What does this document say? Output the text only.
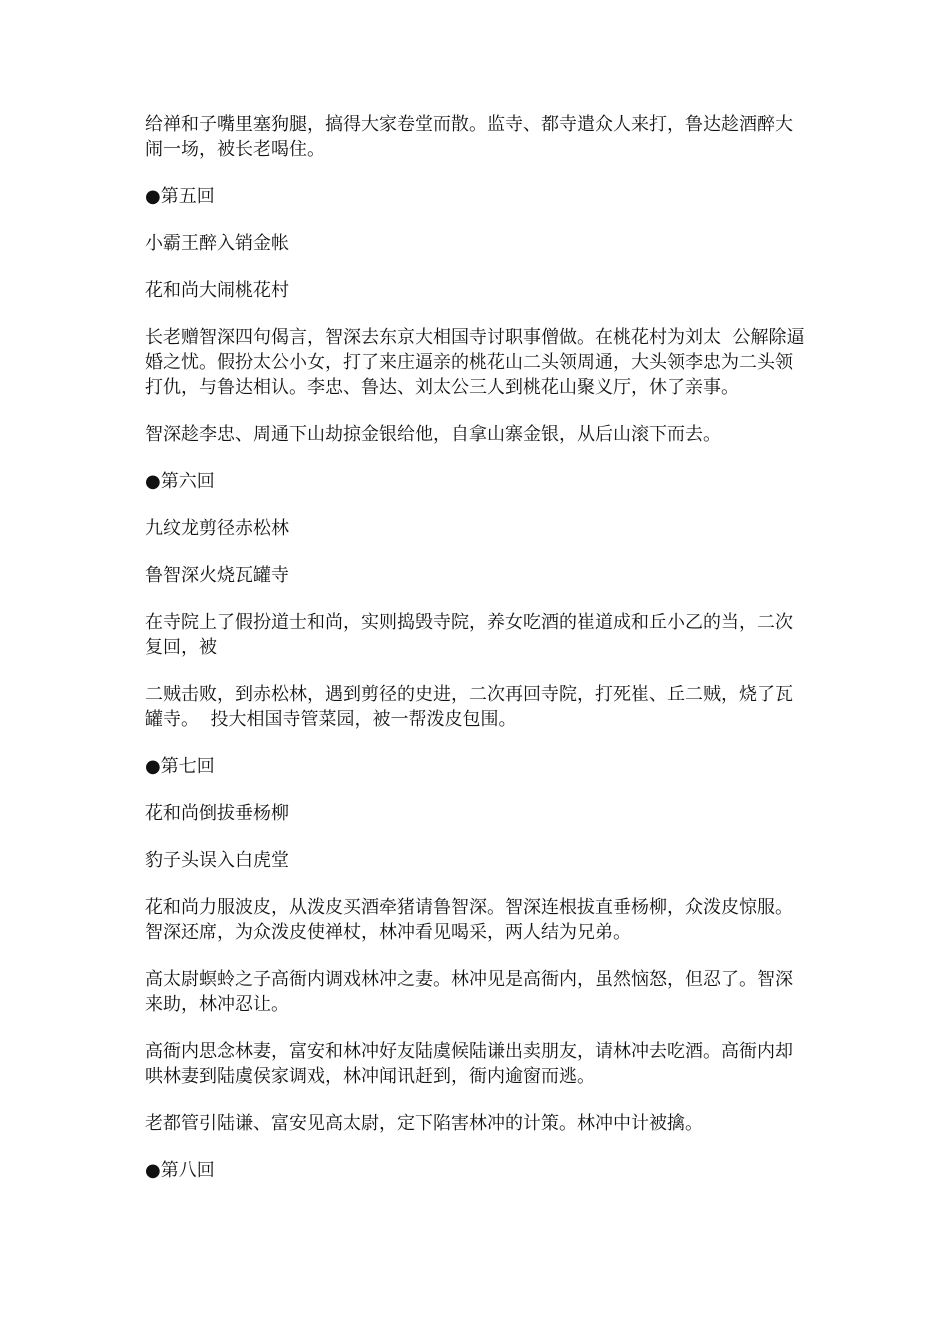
给禅和子嘴里塞狗腿，搞得大家卷堂而散。监寺、都寺遣众人来打，鲁达趁酒醉大闹一场，被长老喝住。

●第五回

小霸王醉入销金帐

花和尚大闹桃花村

长老赠智深四句偈言，智深去东京大相国寺讨职事僧做。在桃花村为刘太  公解除逼婚之忧。假扮太公小女，打了来庄逼亲的桃花山二头领周通，大头领李忠为二头领打仇，与鲁达相认。李忠、鲁达、刘太公三人到桃花山聚义厅，休了亲事。

智深趁李忠、周通下山劫掠金银给他，自拿山寨金银，从后山滚下而去。

●第六回

九纹龙剪径赤松林

鲁智深火烧瓦罐寺

在寺院上了假扮道士和尚，实则捣毁寺院，养女吃酒的崔道成和丘小乙的当，二次复回，被

二贼击败，到赤松林，遇到剪径的史进，二次再回寺院，打死崔、丘二贼，烧了瓦罐寺。  投大相国寺管菜园，被一帮泼皮包围。

●第七回

花和尚倒拔垂杨柳

豹子头误入白虎堂

花和尚力服波皮，从泼皮买酒牵猪请鲁智深。智深连根拔直垂杨柳，众泼皮惊服。智深还席，为众泼皮使禅杖，林冲看见喝采，两人结为兄弟。

高太尉螟蛉之子高衙内调戏林冲之妻。林冲见是高衙内，虽然恼怒，但忍了。智深来助，林冲忍让。

高衙内思念林妻，富安和林冲好友陆虞候陆谦出卖朋友，请林冲去吃酒。高衙内却哄林妻到陆虞侯家调戏，林冲闻讯赶到，衙内逾窗而逃。

老都管引陆谦、富安见高太尉，定下陷害林冲的计策。林冲中计被擒。

●第八回
